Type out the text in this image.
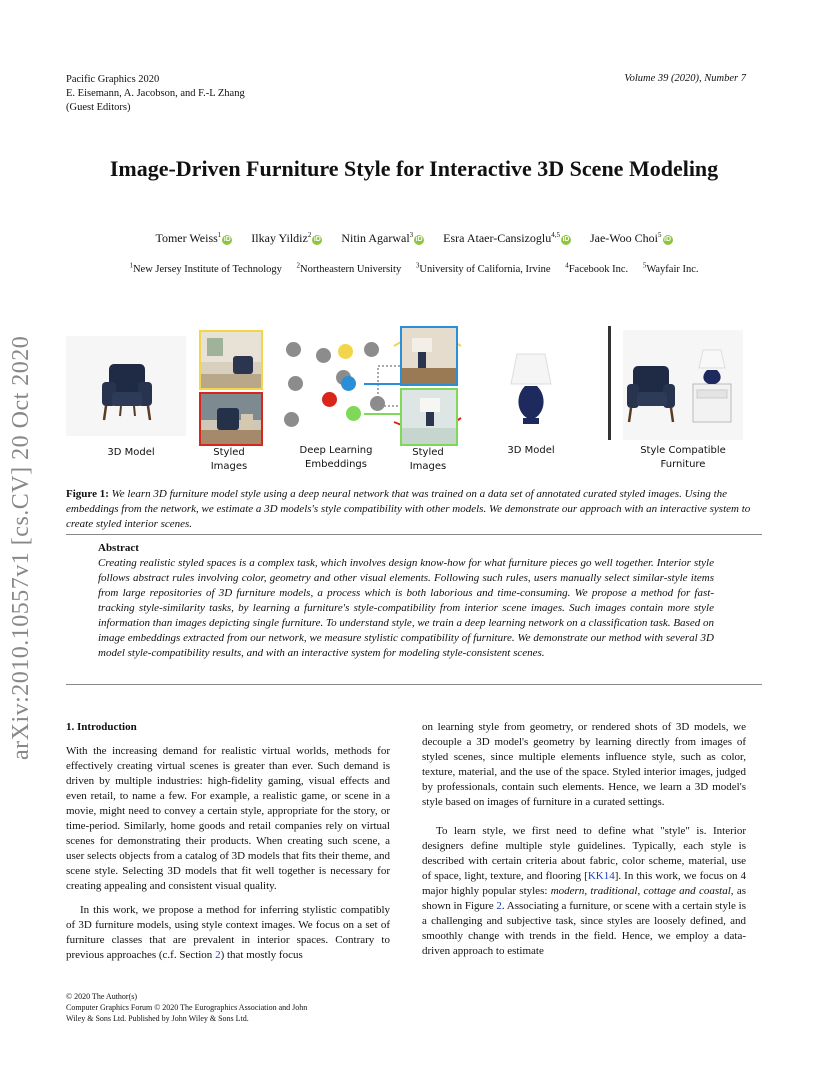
Pacific Graphics 2020
E. Eisemann, A. Jacobson, and F.-L Zhang
(Guest Editors)
Volume 39 (2020), Number 7
Image-Driven Furniture Style for Interactive 3D Scene Modeling
Tomer Weiss$^1$iD Ilkay Yildiz$^2$iD Nitin Agarwal$^3$iD Esra Ataer-Cansizoglu$^{4,5}$iD Jae-Woo Choi$^5$iD
$^1$New Jersey Institute of Technology $^2$Northeastern University $^3$University of California, Irvine $^4$Facebook Inc. $^5$Wayfair Inc.
arXiv:2010.10557v1 [cs.CV] 20 Oct 2020	3D Model	Styled
Images
Deep Learning
Embeddings
Styled
Images
3D Model	Style Compatible
Furniture
Figure 1: We learn 3D furniture model style using a deep neural network that was trained on a data set of annotated curated styled images. Using the embeddings from the network, we estimate a 3D models's style compatibility with other models. We demonstrate our approach with an interactive system to create styled interior scenes.
Abstract
Creating realistic styled spaces is a complex task, which involves design know-how for what furniture pieces go well together. Interior style follows abstract rules involving color, geometry and other visual elements. Following such rules, users manually select similar-style items from large repositories of 3D furniture models, a process which is both laborious and time-consuming. We propose a method for fast-tracking style-similarity tasks, by learning a furniture's style-compatibility from interior scene images. Such images contain more style information than images depicting single furniture. To understand style, we train a deep learning network on a classification task. Based on image embeddings extracted from our network, we measure stylistic compatibility of furniture. We demonstrate our method with several 3D model style-compatibility results, and with an interactive system for modeling style-consistent scenes.
1. Introduction

With the increasing demand for realistic virtual worlds, methods for effectively creating virtual scenes is greater than ever. Such demand is driven by multiple industries: high-fidelity gaming, visual effects and even retail, to name a few. For example, a realistic game, or scene in a movie, might need to convey a certain style, appropriate for the story, or time-period. Similarly, home goods and retail companies rely on virtual scenes for demonstrating their products. When creating such scene, a user selects objects from a catalog of 3D models that fits their theme, and scene style. Selecting 3D models that fit well together is necessary for creating appealing and consistent visual quality.

In this work, we propose a method for inferring stylistic compatibly of 3D furniture models, using style context images. We focus on a set of furniture classes that are prevalent in interior spaces. Contrary to previous approaches (c.f. Section 2) that mostly focus

on learning style from geometry, or rendered shots of 3D models, we decouple a 3D model's geometry by learning directly from images of styled scenes, since multiple elements influence style, such as color, texture, material, and the use of the space. Styled interior images, judged by professionals, contain such elements. Hence, we learn a 3D model's style based on images of furniture in a curated settings.

To learn style, we first need to define what "style" is. Interior designers define multiple style guidelines. Typically, each style is described with certain criteria about fabric, color scheme, material, use of space, light, texture, and flooring [KK14]. In this work, we focus on 4 major highly popular styles: modern, traditional, cottage and coastal, as shown in Figure 2. Associating a furniture, or scene with a certain style is a challenging and subjective task, since styles are loosely defined, and smoothly change with trends in the field. Hence, we employ a data-driven approach to estimate

© 2020 The Author(s)
Computer Graphics Forum © 2020 The Eurographics Association and John
Wiley & Sons Ltd. Published by John Wiley & Sons Ltd.
